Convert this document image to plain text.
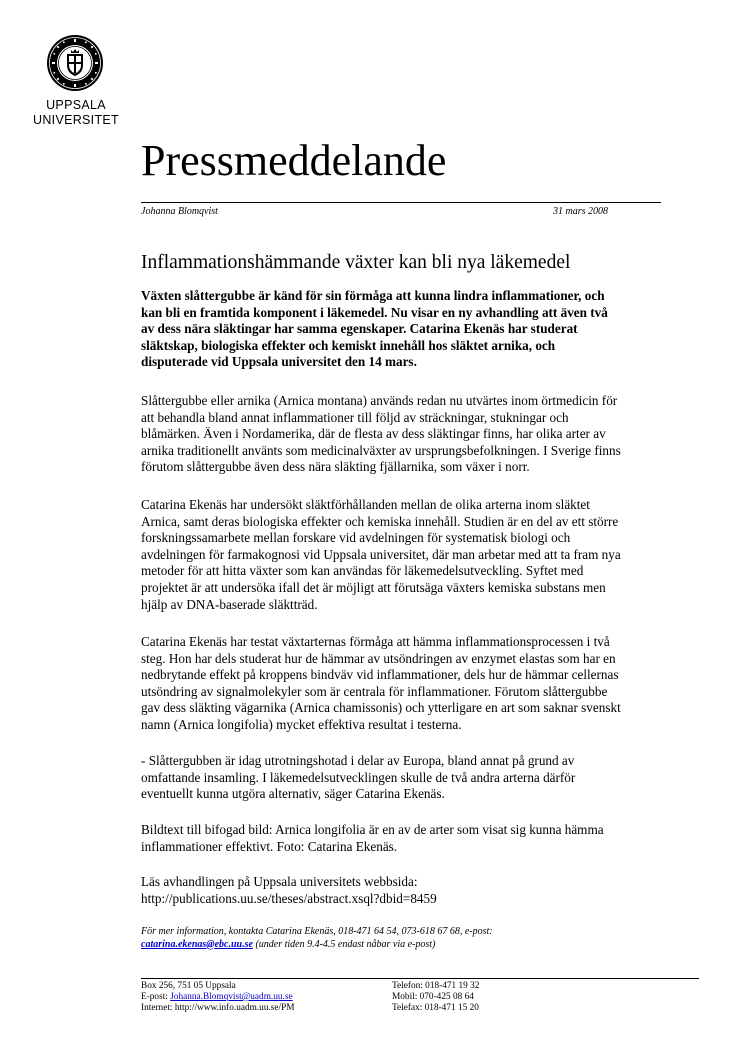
UPPSALA
UNIVERSITET
Pressmeddelande
Johanna Blomqvist	31 mars 2008
Inflammationshämmande växter kan bli nya läkemedel

Växten slåttergubbe är känd för sin förmåga att kunna lindra inflammationer, och
kan bli en framtida komponent i läkemedel. Nu visar en ny avhandling att även två
av dess nära släktingar har samma egenskaper. Catarina Ekenäs har studerat
släktskap, biologiska effekter och kemiskt innehåll hos släktet arnika, och
disputerade vid Uppsala universitet den 14 mars.

Slåttergubbe eller arnika (Arnica montana) används redan nu utvärtes inom örtmedicin för
att behandla bland annat inflammationer till följd av sträckningar, stukningar och
blåmärken. Även i Nordamerika, där de flesta av dess släktingar finns, har olika arter av
arnika traditionellt använts som medicinalväxter av ursprungsbefolkningen. I Sverige finns
förutom slåttergubbe även dess nära släkting fjällarnika, som växer i norr.

Catarina Ekenäs har undersökt släktförhållanden mellan de olika arterna inom släktet
Arnica, samt deras biologiska effekter och kemiska innehåll. Studien är en del av ett större
forskningssamarbete mellan forskare vid avdelningen för systematisk biologi och
avdelningen för farmakognosi vid Uppsala universitet, där man arbetar med att ta fram nya
metoder för att hitta växter som kan användas för läkemedelsutveckling. Syftet med
projektet är att undersöka ifall det är möjligt att förutsäga växters kemiska substans men
hjälp av DNA-baserade släktträd.

Catarina Ekenäs har testat växtarternas förmåga att hämma inflammationsprocessen i två
steg. Hon har dels studerat hur de hämmar av utsöndringen av enzymet elastas som har en
nedbrytande effekt på kroppens bindväv vid inflammationer, dels hur de hämmar cellernas
utsöndring av signalmolekyler som är centrala för inflammationer. Förutom slåttergubbe
gav dess släkting vägarnika (Arnica chamissonis) och ytterligare en art som saknar svenskt
namn (Arnica longifolia) mycket effektiva resultat i testerna.

- Slåttergubben är idag utrotningshotad i delar av Europa, bland annat på grund av
omfattande insamling. I läkemedelsutvecklingen skulle de två andra arterna därför
eventuellt kunna utgöra alternativ, säger Catarina Ekenäs.

Bildtext till bifogad bild: Arnica longifolia är en av de arter som visat sig kunna hämma
inflammationer effektivt. Foto: Catarina Ekenäs.

Läs avhandlingen på Uppsala universitets webbsida:
http://publications.uu.se/theses/abstract.xsql?dbid=8459

För mer information, kontakta Catarina Ekenäs, 018-471 64 54, 073-618 67 68, e-post:
catarina.ekenas@ebc.uu.se (under tiden 9.4-4.5 endast nåbar via e-post)
Box 256, 751 05 Uppsala
E-post: Johanna.Blomqvist@uadm.uu.se
Internet: http://www.info.uadm.uu.se/PM
Telefon: 018-471 19 32
Mobil: 070-425 08 64
Telefax: 018-471 15 20
